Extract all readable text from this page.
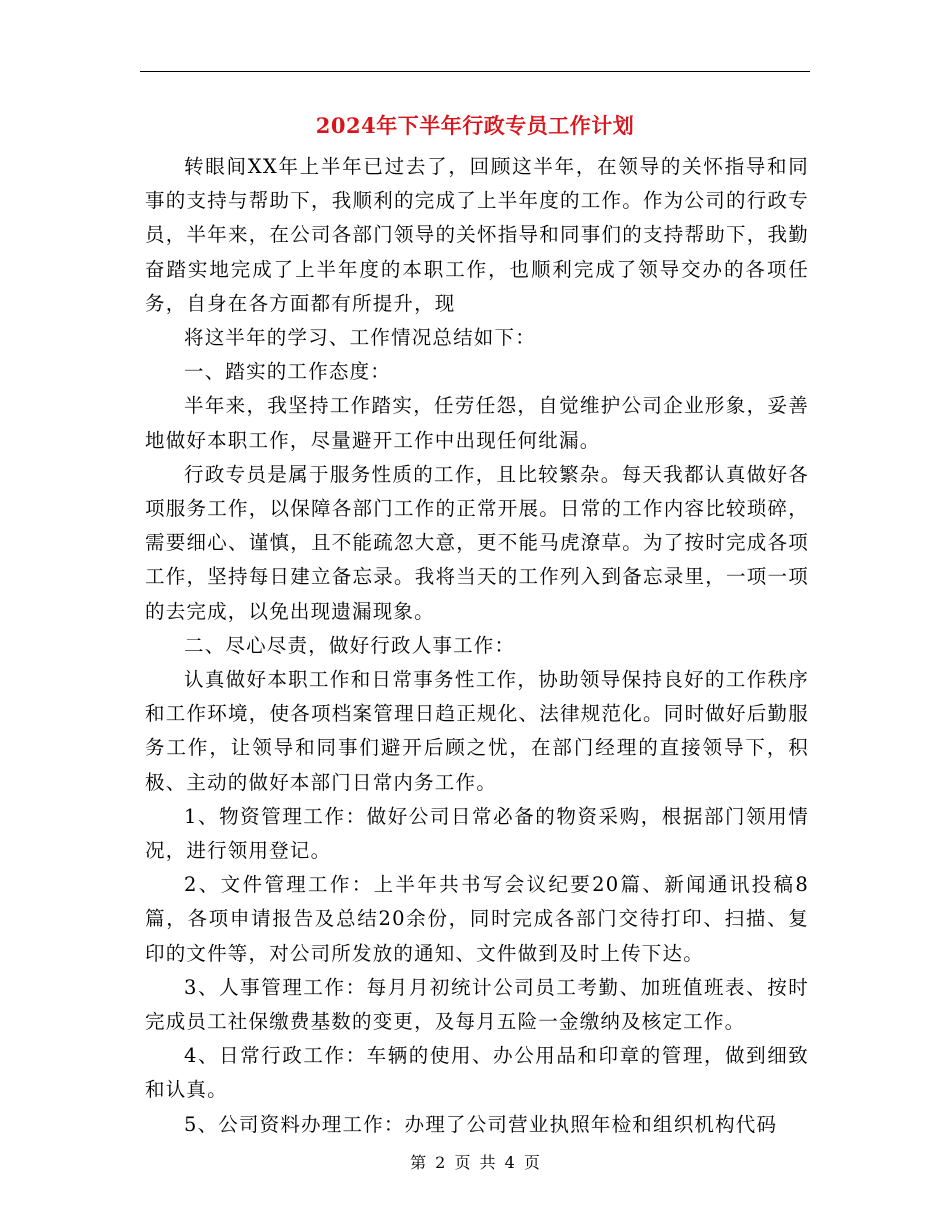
2024年下半年行政专员工作计划

转眼间XX年上半年已过去了，回顾这半年，在领导的关怀指导和同事的支持与帮助下，我顺利的完成了上半年度的工作。作为公司的行政专员，半年来，在公司各部门领导的关怀指导和同事们的支持帮助下，我勤奋踏实地完成了上半年度的本职工作，也顺利完成了领导交办的各项任务，自身在各方面都有所提升，现

将这半年的学习、工作情况总结如下：

一、踏实的工作态度：

半年来，我坚持工作踏实，任劳任怨，自觉维护公司企业形象，妥善地做好本职工作，尽量避开工作中出现任何纰漏。

行政专员是属于服务性质的工作，且比较繁杂。每天我都认真做好各项服务工作，以保障各部门工作的正常开展。日常的工作内容比较琐碎，需要细心、谨慎，且不能疏忽大意，更不能马虎潦草。为了按时完成各项工作，坚持每日建立备忘录。我将当天的工作列入到备忘录里，一项一项的去完成，以免出现遗漏现象。

二、尽心尽责，做好行政人事工作：

认真做好本职工作和日常事务性工作，协助领导保持良好的工作秩序和工作环境，使各项档案管理日趋正规化、法律规范化。同时做好后勤服务工作，让领导和同事们避开后顾之忧，在部门经理的直接领导下，积极、主动的做好本部门日常内务工作。

1、物资管理工作：做好公司日常必备的物资采购，根据部门领用情况，进行领用登记。

2、文件管理工作：上半年共书写会议纪要20篇、新闻通讯投稿8篇，各项申请报告及总结20余份，同时完成各部门交待打印、扫描、复印的文件等，对公司所发放的通知、文件做到及时上传下达。

3、人事管理工作：每月月初统计公司员工考勤、加班值班表、按时完成员工社保缴费基数的变更，及每月五险一金缴纳及核定工作。

4、日常行政工作：车辆的使用、办公用品和印章的管理，做到细致和认真。

5、公司资料办理工作：办理了公司营业执照年检和组织机构代码

第 2 页 共 4 页
